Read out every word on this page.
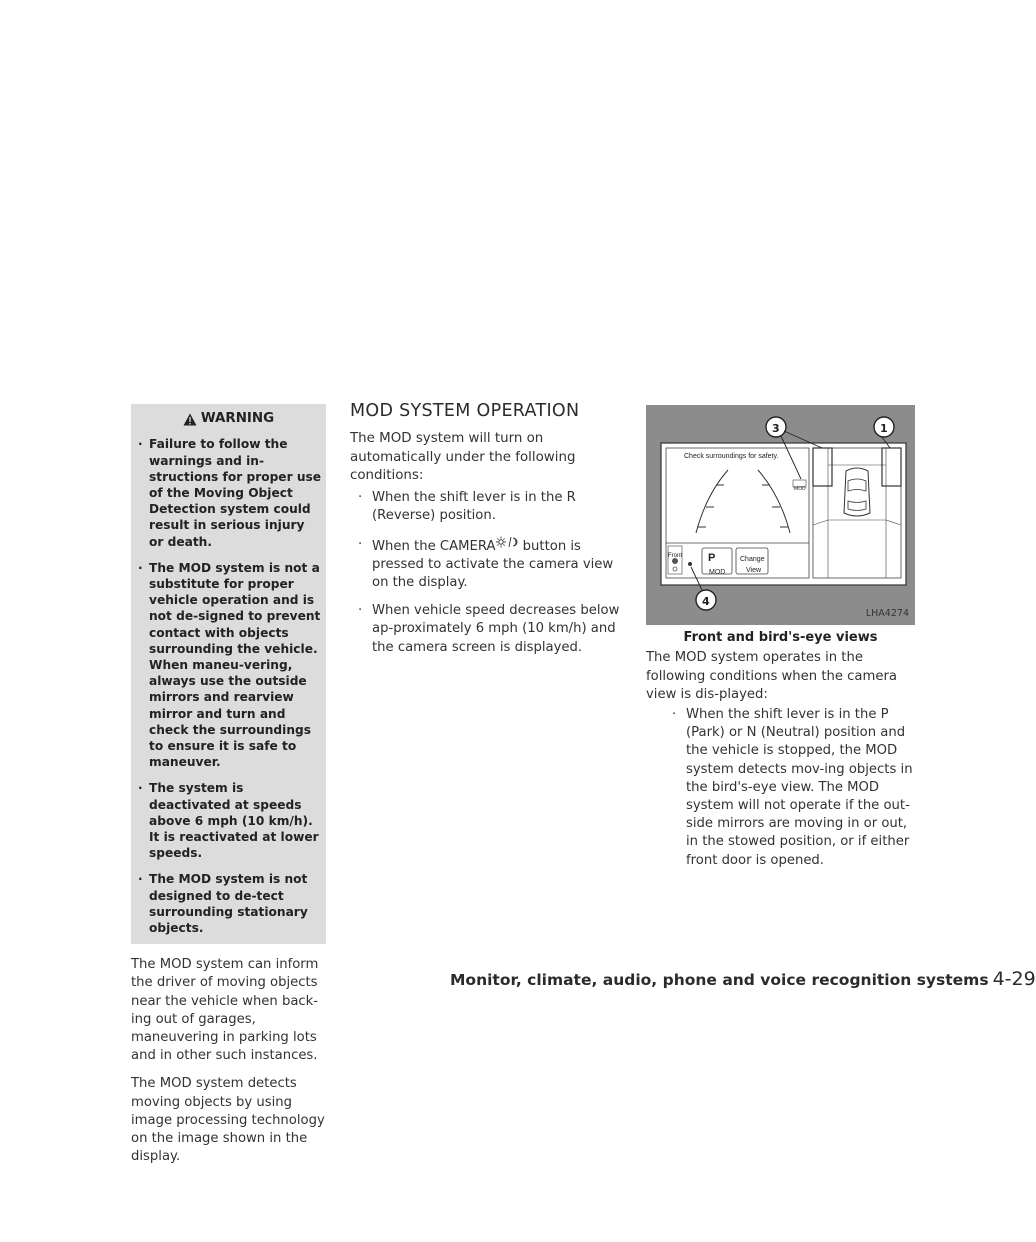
WARNING
· Failure to follow the warnings and in-structions for proper use of the Moving Object Detection system could result in serious injury or death.
· The MOD system is not a substitute for proper vehicle operation and is not de-signed to prevent contact with objects surrounding the vehicle. When maneu-vering, always use the outside mirrors and rearview mirror and turn and check the surroundings to ensure it is safe to maneuver.
· The system is deactivated at speeds above 6 mph (10 km/h). It is reactivated at lower speeds.
· The MOD system is not designed to de-tect surrounding stationary objects.

The MOD system can inform the driver of moving objects near the vehicle when back-ing out of garages, maneuvering in parking lots and in other such instances.

The MOD system detects moving objects by using image processing technology on the image shown in the display.

MOD SYSTEM OPERATION
The MOD system will turn on automatically under the following conditions:
· When the shift lever is in the R (Reverse) position.
· When the CAMERA button is pressed to activate the camera view on the display.
· When vehicle speed decreases below ap-proximately 6 mph (10 km/h) and the camera screen is displayed.
Check surroundings for safety.
MOD
Front P
MOD
Change
View
1
3
4
LHA4274
Front and bird's-eye views

The MOD system operates in the following conditions when the camera view is dis-played:

· When the shift lever is in the P (Park) or N (Neutral) position and the vehicle is stopped, the MOD system detects mov-ing objects in the bird's-eye view. The MOD system will not operate if the out-side mirrors are moving in or out, in the stowed position, or if either front door is opened.
Monitor, climate, audio, phone and voice recognition systems 4-29
